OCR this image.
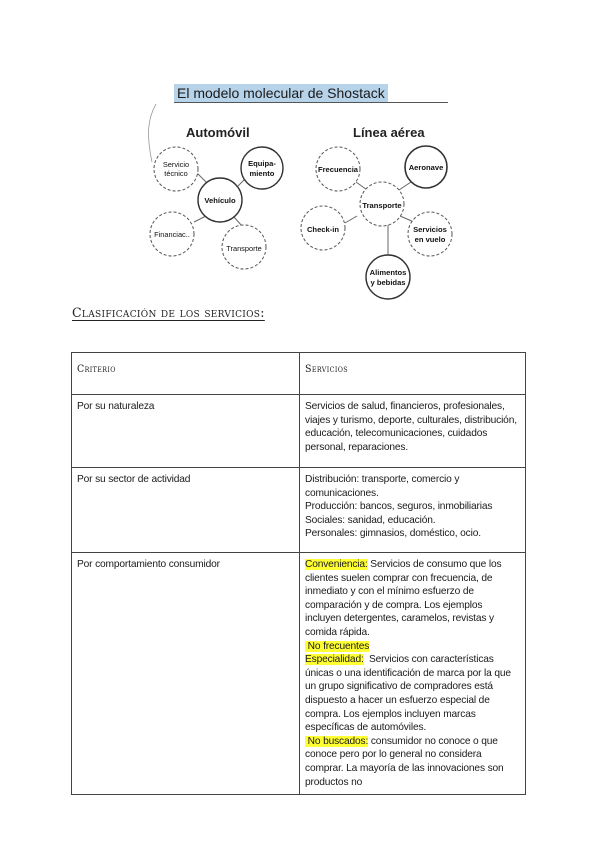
El modelo molecular de Shostack
Automóvil
Servicio
técnico
Equipa-
miento
Vehículo
Financiac..
Transporte
Línea aérea
Frecuencia	Aeronave
Transporte
Check-in	Servicios
en vuelo
Alimentos
y bebidas
Clasificación de los servicios:
Criterio	Servicios
Por su naturaleza	Servicios de salud, financieros, profesionales, viajes y turismo, deporte, culturales, distribución, educación, telecomunicaciones, cuidados personal, reparaciones.
Por su sector de actividad	Distribución: transporte, comercio y comunicaciones.
Producción: bancos, seguros, inmobiliarias
Sociales: sanidad, educación.
Personales: gimnasios, doméstico, ocio.

Por comportamiento consumidor	Conveniencia: Servicios de consumo que los clientes suelen comprar con frecuencia, de inmediato y con el mínimo esfuerzo de comparación y de compra. Los ejemplos incluyen detergentes, caramelos, revistas y comida rápida.
No frecuentes
Especialidad:  Servicios con características únicas o una identificación de marca por la que un grupo significativo de compradores está dispuesto a hacer un esfuerzo especial de compra. Los ejemplos incluyen marcas específicas de automóviles.
No buscados: consumidor no conoce o que conoce pero por lo general no considera comprar. La mayoría de las innovaciones son productos no
